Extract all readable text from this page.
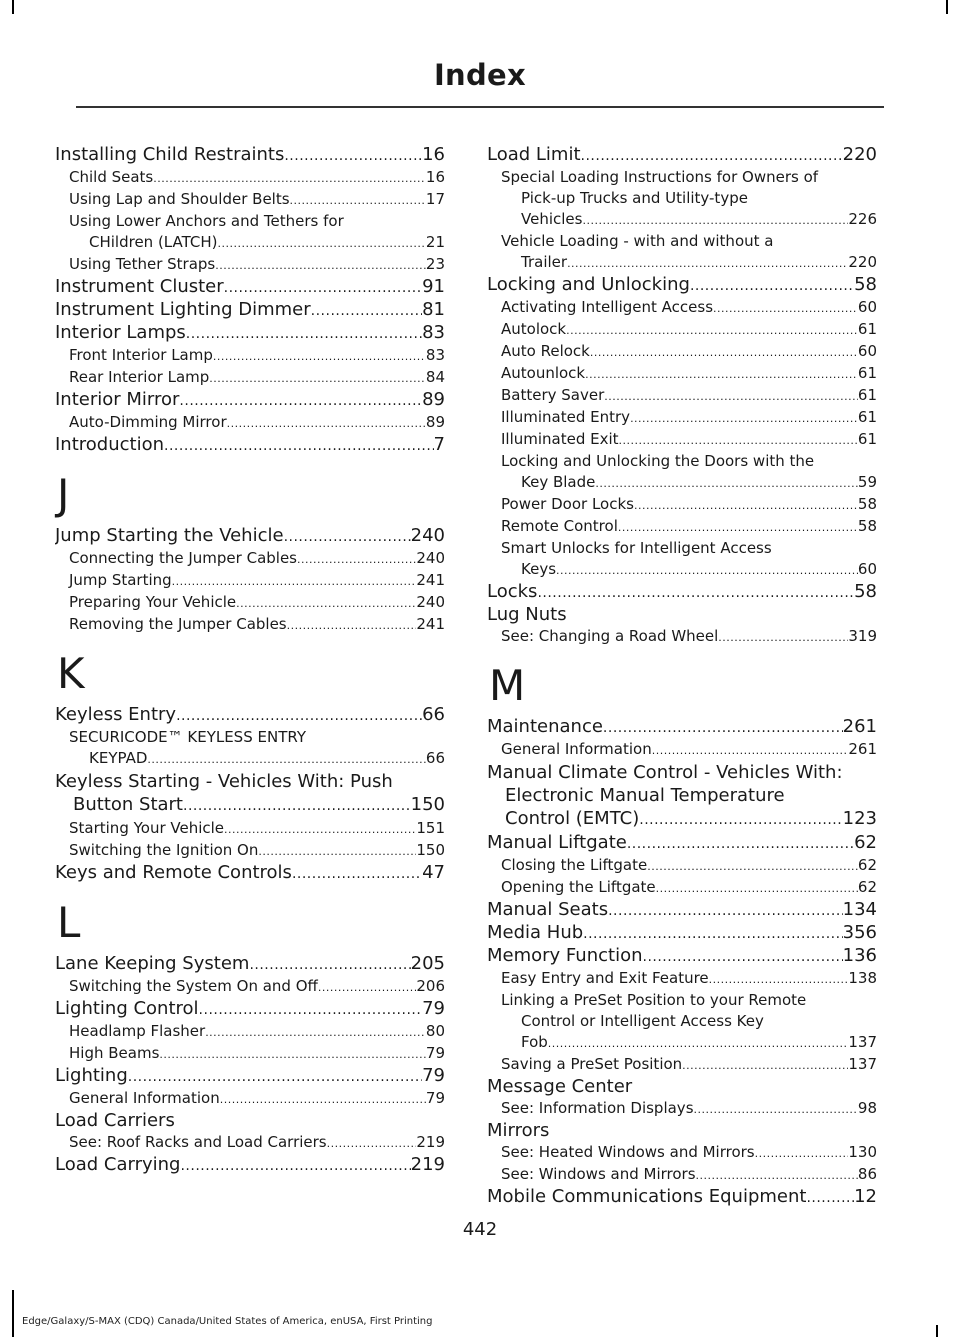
Index
Installing Child Restraints .....	16
Child Seats .....	16
Using Lap and Shoulder Belts .....	17
Using Lower Anchors and Tethers for
CHildren (LATCH) .....	21
Using Tether Straps .....	23
Instrument Cluster .....	91
Instrument Lighting Dimmer .....	81
Interior Lamps .....	83
Front Interior Lamp .....	83
Rear Interior Lamp .....	84
Interior Mirror .....	89
Auto-Dimming Mirror .....	89
Introduction .....	7
J
Jump Starting the Vehicle .....	240
Connecting the Jumper Cables .....	240
Jump Starting .....	241
Preparing Your Vehicle .....	240
Removing the Jumper Cables .....	241
K
Keyless Entry .....	66
SECURICODE™ KEYLESS ENTRY
KEYPAD .....	66
Keyless Starting - Vehicles With: Push
Button Start .....	150
Starting Your Vehicle .....	151
Switching the Ignition On .....	150
Keys and Remote Controls .....	47
L
Lane Keeping System .....	205
Switching the System On and Off .....	206
Lighting Control .....	79
Headlamp Flasher .....	80
High Beams .....	79
Lighting .....	79
General Information .....	79
Load Carriers
See: Roof Racks and Load Carriers .....	219
Load Carrying .....	219
Load Limit .....	220
Special Loading Instructions for Owners of
Pick-up Trucks and Utility-type
Vehicles .....	226
Vehicle Loading - with and without a
Trailer .....	220
Locking and Unlocking .....	58
Activating Intelligent Access .....	60
Autolock .....	61
Auto Relock .....	60
Autounlock .....	61
Battery Saver .....	61
Illuminated Entry .....	61
Illuminated Exit .....	61
Locking and Unlocking the Doors with the
Key Blade .....	59
Power Door Locks .....	58
Remote Control .....	58
Smart Unlocks for Intelligent Access
Keys .....	60
Locks .....	58
Lug Nuts
See: Changing a Road Wheel .....	319
M
Maintenance .....	261
General Information .....	261
Manual Climate Control - Vehicles With:
Electronic Manual Temperature
Control (EMTC) .....	123
Manual Liftgate .....	62
Closing the Liftgate .....	62
Opening the Liftgate .....	62
Manual Seats .....	134
Media Hub .....	356
Memory Function .....	136
Easy Entry and Exit Feature .....	138
Linking a PreSet Position to your Remote
Control or Intelligent Access Key
Fob .....	137
Saving a PreSet Position .....	137
Message Center
See: Information Displays .....	98
Mirrors
See: Heated Windows and Mirrors .....	130
See: Windows and Mirrors .....	86
Mobile Communications Equipment .....	12
442
Edge/Galaxy/S-MAX (CDQ) Canada/United States of America, enUSA, First Printing
